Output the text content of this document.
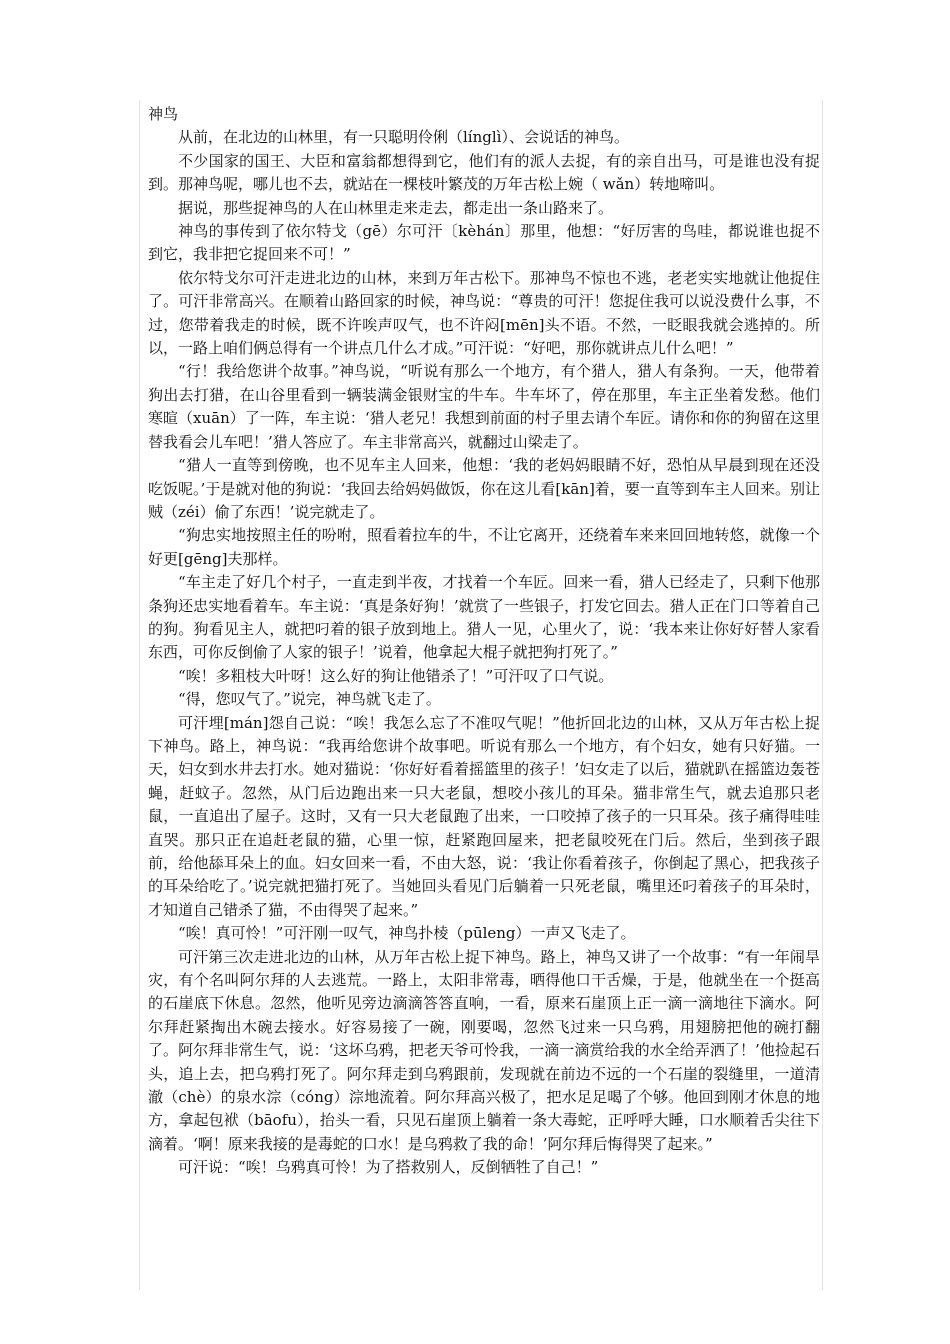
神鸟

从前，在北边的山林里，有一只聪明伶俐（línglì）、会说话的神鸟。

不少国家的国王、大臣和富翁都想得到它，他们有的派人去捉，有的亲自出马，可是谁也没有捉到。那神鸟呢，哪儿也不去，就站在一棵枝叶繁茂的万年古松上婉（ wǎn）转地啼叫。

据说，那些捉神鸟的人在山林里走来走去，都走出一条山路来了。

神鸟的事传到了依尔特戈（gē）尔可汗〔kèhán〕那里，他想：“好厉害的鸟哇，都说谁也捉不到它，我非把它捉回来不可！”

依尔特戈尔可汗走进北边的山林，来到万年古松下。那神鸟不惊也不逃，老老实实地就让他捉住了。可汗非常高兴。在顺着山路回家的时候，神鸟说：“尊贵的可汗！您捉住我可以说没费什么事，不过，您带着我走的时候，既不许唉声叹气，也不许闷[mēn]头不语。不然，一眨眼我就会逃掉的。所以，一路上咱们俩总得有一个讲点几什么才成。”可汗说：“好吧，那你就讲点儿什么吧！”

“行！我给您讲个故事。”神鸟说，“听说有那么一个地方，有个猎人，猎人有条狗。一天，他带着狗出去打猎，在山谷里看到一辆装满金银财宝的牛车。牛车坏了，停在那里，车主正坐着发愁。他们寒暄（xuān）了一阵，车主说：‘猎人老兄！我想到前面的村子里去请个车匠。请你和你的狗留在这里替我看会儿车吧！’猎人答应了。车主非常高兴，就翻过山梁走了。

“猎人一直等到傍晚，也不见车主人回来，他想：‘我的老妈妈眼睛不好，恐怕从早晨到现在还没吃饭呢。’于是就对他的狗说：‘我回去给妈妈做饭，你在这儿看[kān]着，要一直等到车主人回来。别让贼（zéi）偷了东西！’说完就走了。

“狗忠实地按照主任的吩咐，照看着拉车的牛，不让它离开，还绕着车来来回回地转悠，就像一个好更[gēng]夫那样。

“车主走了好几个村子，一直走到半夜，才找着一个车匠。回来一看，猎人已经走了，只剩下他那条狗还忠实地看着车。车主说：‘真是条好狗！’就赏了一些银子，打发它回去。猎人正在门口等着自己的狗。狗看见主人，就把叼着的银子放到地上。猎人一见，心里火了，说：‘我本来让你好好替人家看东西，可你反倒偷了人家的银子！’说着，他拿起大棍子就把狗打死了。”

“唉！多粗枝大叶呀！这么好的狗让他错杀了！”可汗叹了口气说。

“得，您叹气了。”说完，神鸟就飞走了。

可汗埋[mán]怨自己说：“唉！我怎么忘了不准叹气呢！”他折回北边的山林，又从万年古松上捉下神鸟。路上，神鸟说：“我再给您讲个故事吧。听说有那么一个地方，有个妇女，她有只好猫。一天，妇女到水井去打水。她对猫说：‘你好好看着摇篮里的孩子！’妇女走了以后，猫就趴在摇篮边轰苍蝇，赶蚊子。忽然，从门后边跑出来一只大老鼠，想咬小孩儿的耳朵。猫非常生气，就去追那只老鼠，一直追出了屋子。这时，又有一只大老鼠跑了出来，一口咬掉了孩子的一只耳朵。孩子痛得哇哇直哭。那只正在追赶老鼠的猫，心里一惊，赶紧跑回屋来，把老鼠咬死在门后。然后，坐到孩子跟前，给他舔耳朵上的血。妇女回来一看，不由大怒，说：‘我让你看着孩子，你倒起了黑心，把我孩子的耳朵给吃了。’说完就把猫打死了。当她回头看见门后躺着一只死老鼠，嘴里还叼着孩子的耳朵时，才知道自己错杀了猫，不由得哭了起来。”

“唉！真可怜！”可汗刚一叹气，神鸟扑棱（pūleng）一声又飞走了。

可汗第三次走进北边的山林，从万年古松上捉下神鸟。路上，神鸟又讲了一个故事：“有一年闹旱灾，有个名叫阿尔拜的人去逃荒。一路上，太阳非常毒，晒得他口干舌燥，于是，他就坐在一个挺高的石崖底下休息。忽然，他听见旁边滴滴答答直响，一看，原来石崖顶上正一滴一滴地往下滴水。阿尔拜赶紧掏出木碗去接水。好容易接了一碗，刚要喝，忽然飞过来一只乌鸦，用翅膀把他的碗打翻了。阿尔拜非常生气，说：‘这坏乌鸦，把老天爷可怜我，一滴一滴赏给我的水全给弄洒了！’他捡起石头，追上去，把乌鸦打死了。阿尔拜走到乌鸦跟前，发现就在前边不远的一个石崖的裂缝里，一道清澈（chè）的泉水淙（cóng）淙地流着。阿尔拜高兴极了，把水足足喝了个够。他回到刚才休息的地方，拿起包袱（bāofu），抬头一看，只见石崖顶上躺着一条大毒蛇，正呼呼大睡，口水顺着舌尖往下滴着。‘啊！原来我接的是毒蛇的口水！是乌鸦救了我的命！’阿尔拜后悔得哭了起来。”

可汗说：“唉！乌鸦真可怜！为了搭救别人，反倒牺牲了自己！”
